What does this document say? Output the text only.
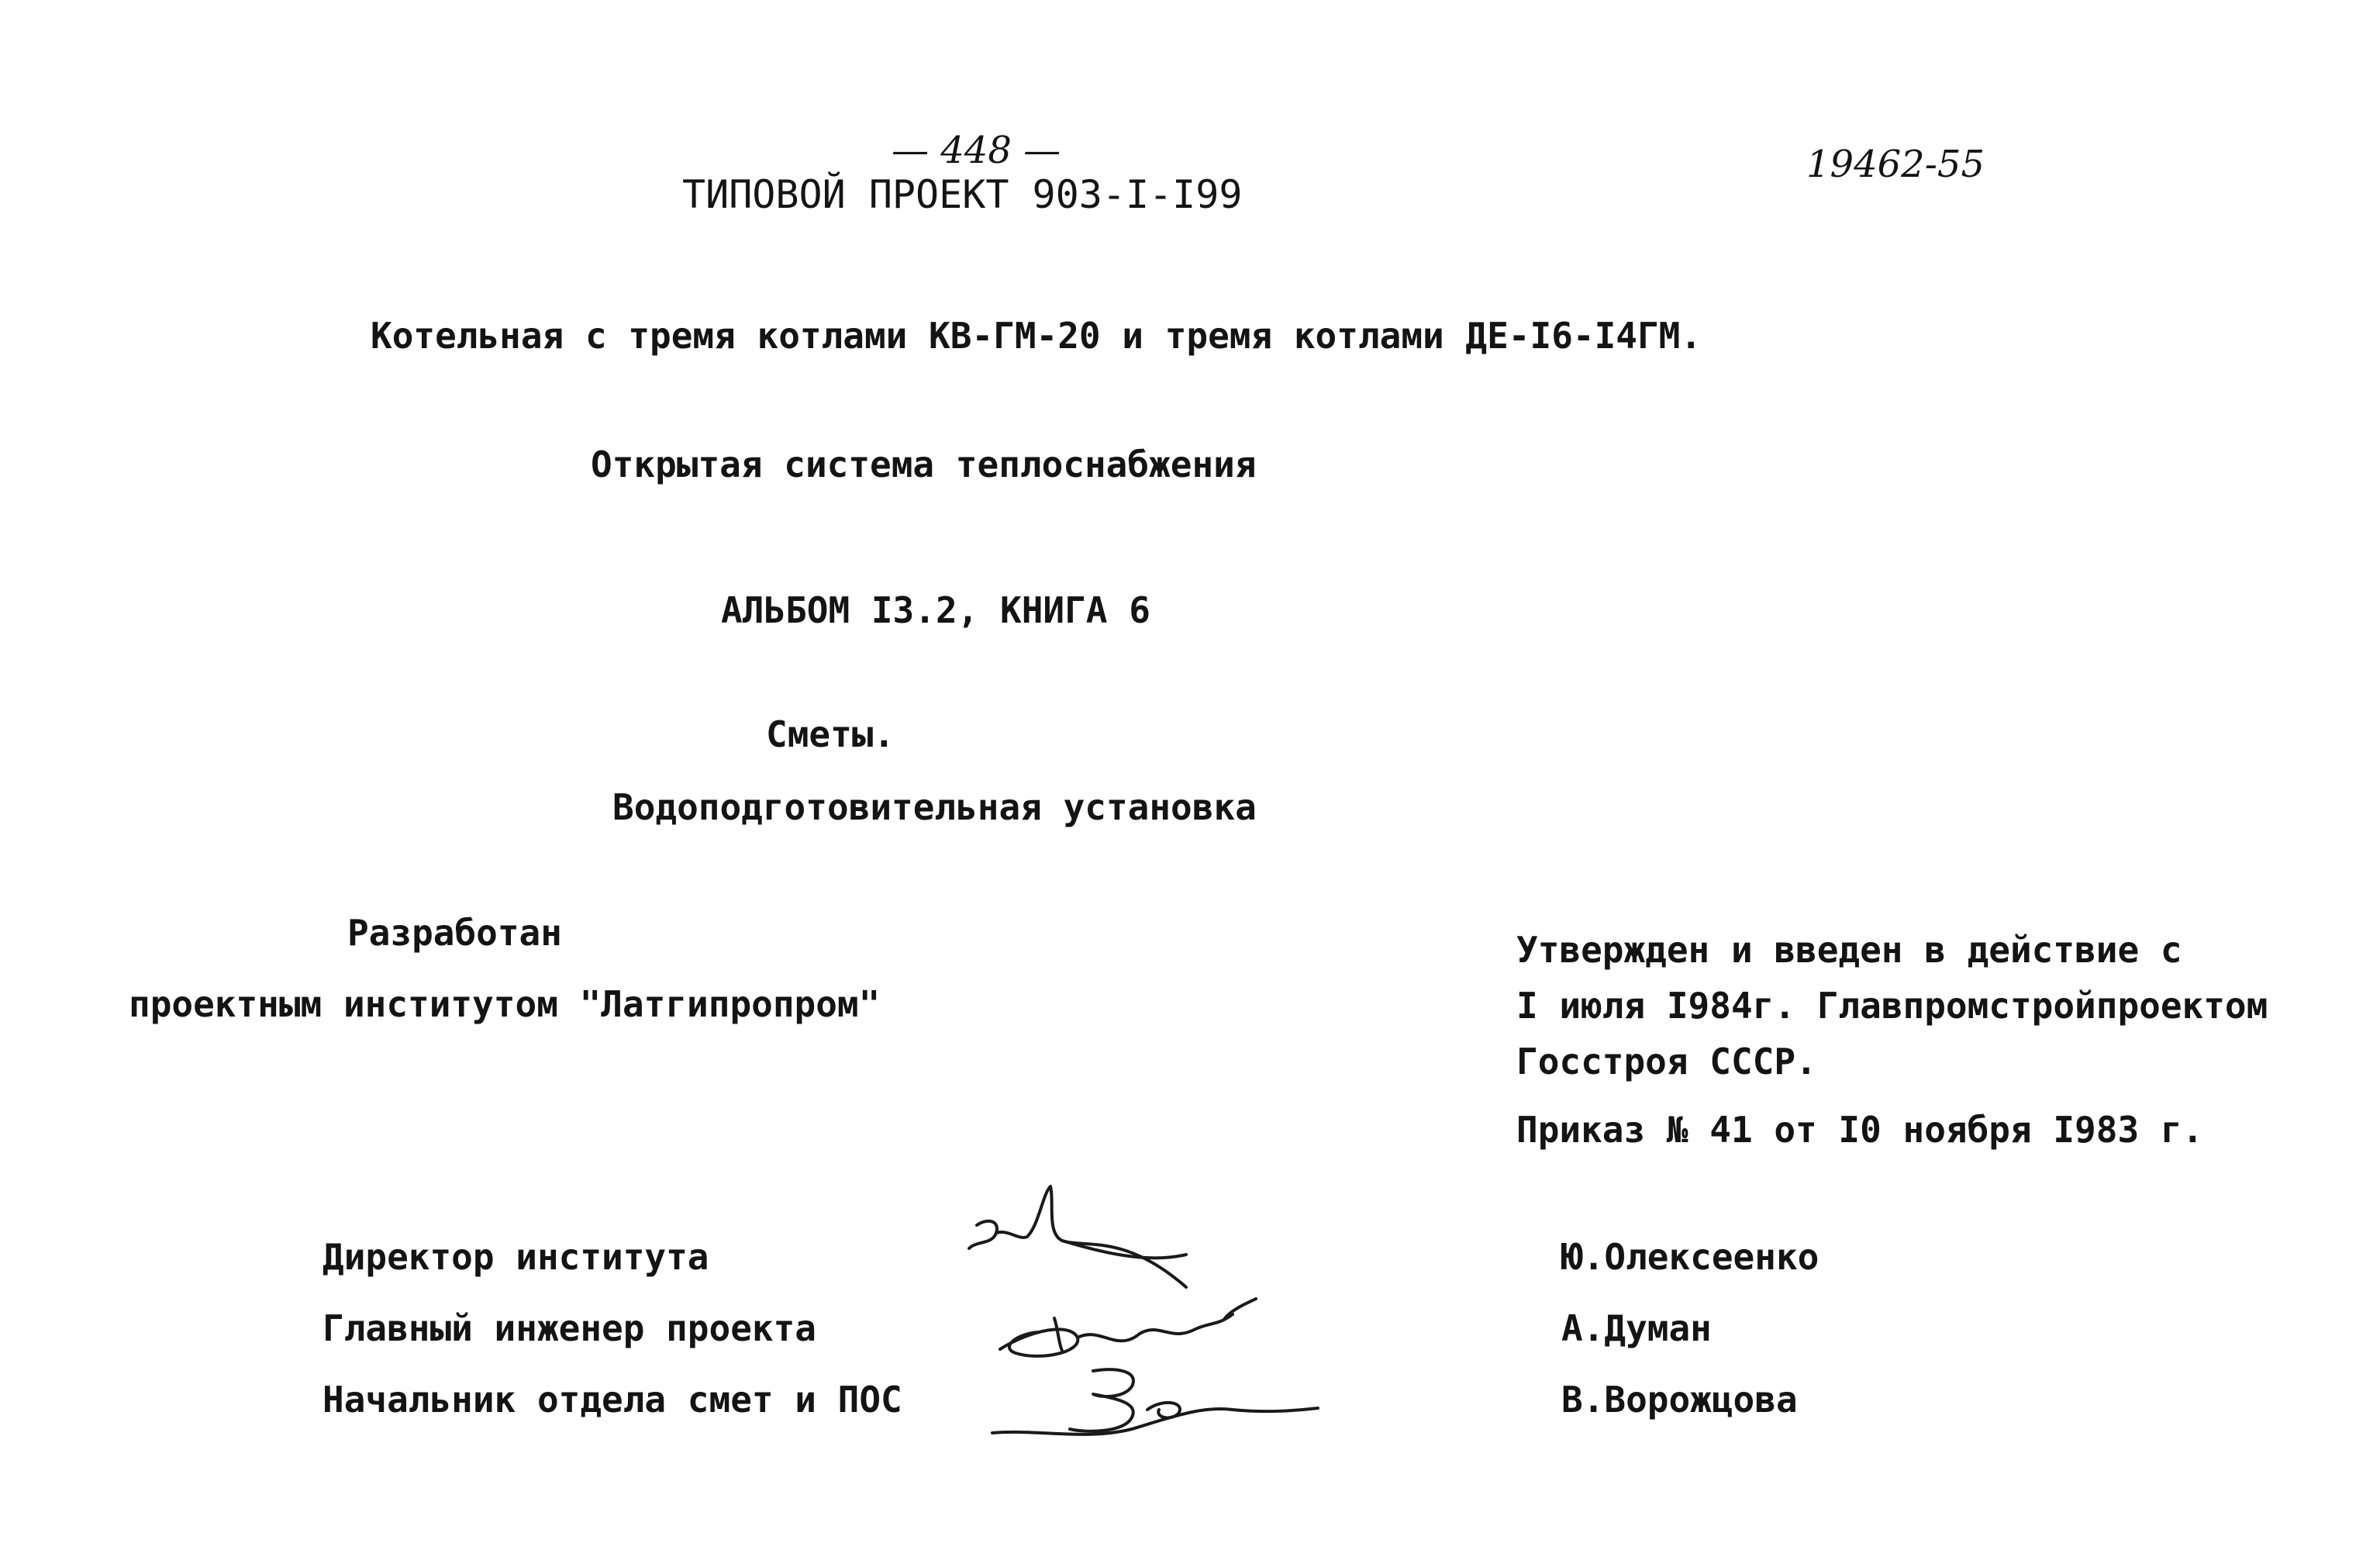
— 448 —	19462-55
ТИПОВОЙ ПРОЕКТ 903-I-I99
Котельная с тремя котлами КВ-ГМ-20 и тремя котлами ДЕ-I6-I4ГМ.
Открытая система теплоснабжения
АЛЬБОМ I3.2, КНИГА 6
Сметы.
Водоподготовительная установка
Разработан
проектным институтом "Латгипропром"
Утвержден и введен в действие с
I июля I984г. Главпромстройпроектом
Госстроя СССР.
Приказ № 41 от I0 ноября I983 г.
Директор института	Ю.Олексеенко
Главный инженер проекта	А.Думан
Начальник отдела смет и ПОС	В.Ворожцова
